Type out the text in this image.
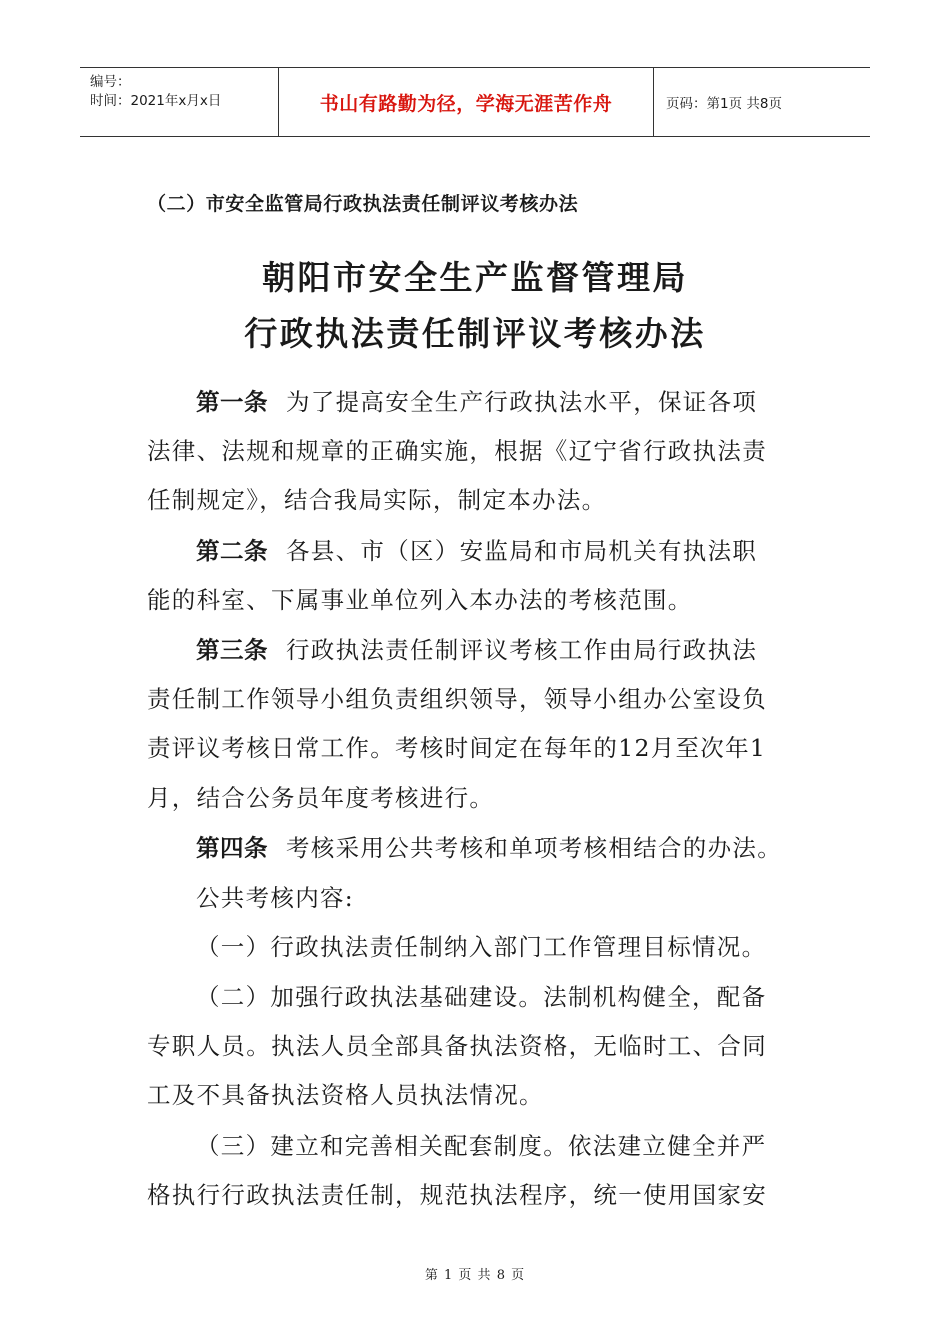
编号：
时间：2021年x月x日	书山有路勤为径，学海无涯苦作舟	页码：第1页 共8页
（二）市安全监管局行政执法责任制评议考核办法
朝阳市安全生产监督管理局
行政执法责任制评议考核办法
第一条 为了提高安全生产行政执法水平，保证各项
法律、法规和规章的正确实施，根据《辽宁省行政执法责
任制规定》，结合我局实际，制定本办法。
第二条 各县、市（区）安监局和市局机关有执法职
能的科室、下属事业单位列入本办法的考核范围。
第三条 行政执法责任制评议考核工作由局行政执法
责任制工作领导小组负责组织领导，领导小组办公室设负
责评议考核日常工作。考核时间定在每年的12月至次年1
月，结合公务员年度考核进行。
第四条 考核采用公共考核和单项考核相结合的办法。
公共考核内容:
（一）行政执法责任制纳入部门工作管理目标情况。
（二）加强行政执法基础建设。法制机构健全，配备
专职人员。执法人员全部具备执法资格，无临时工、合同
工及不具备执法资格人员执法情况。
（三）建立和完善相关配套制度。依法建立健全并严
格执行行政执法责任制，规范执法程序，统一使用国家安
第 1 页 共 8 页
